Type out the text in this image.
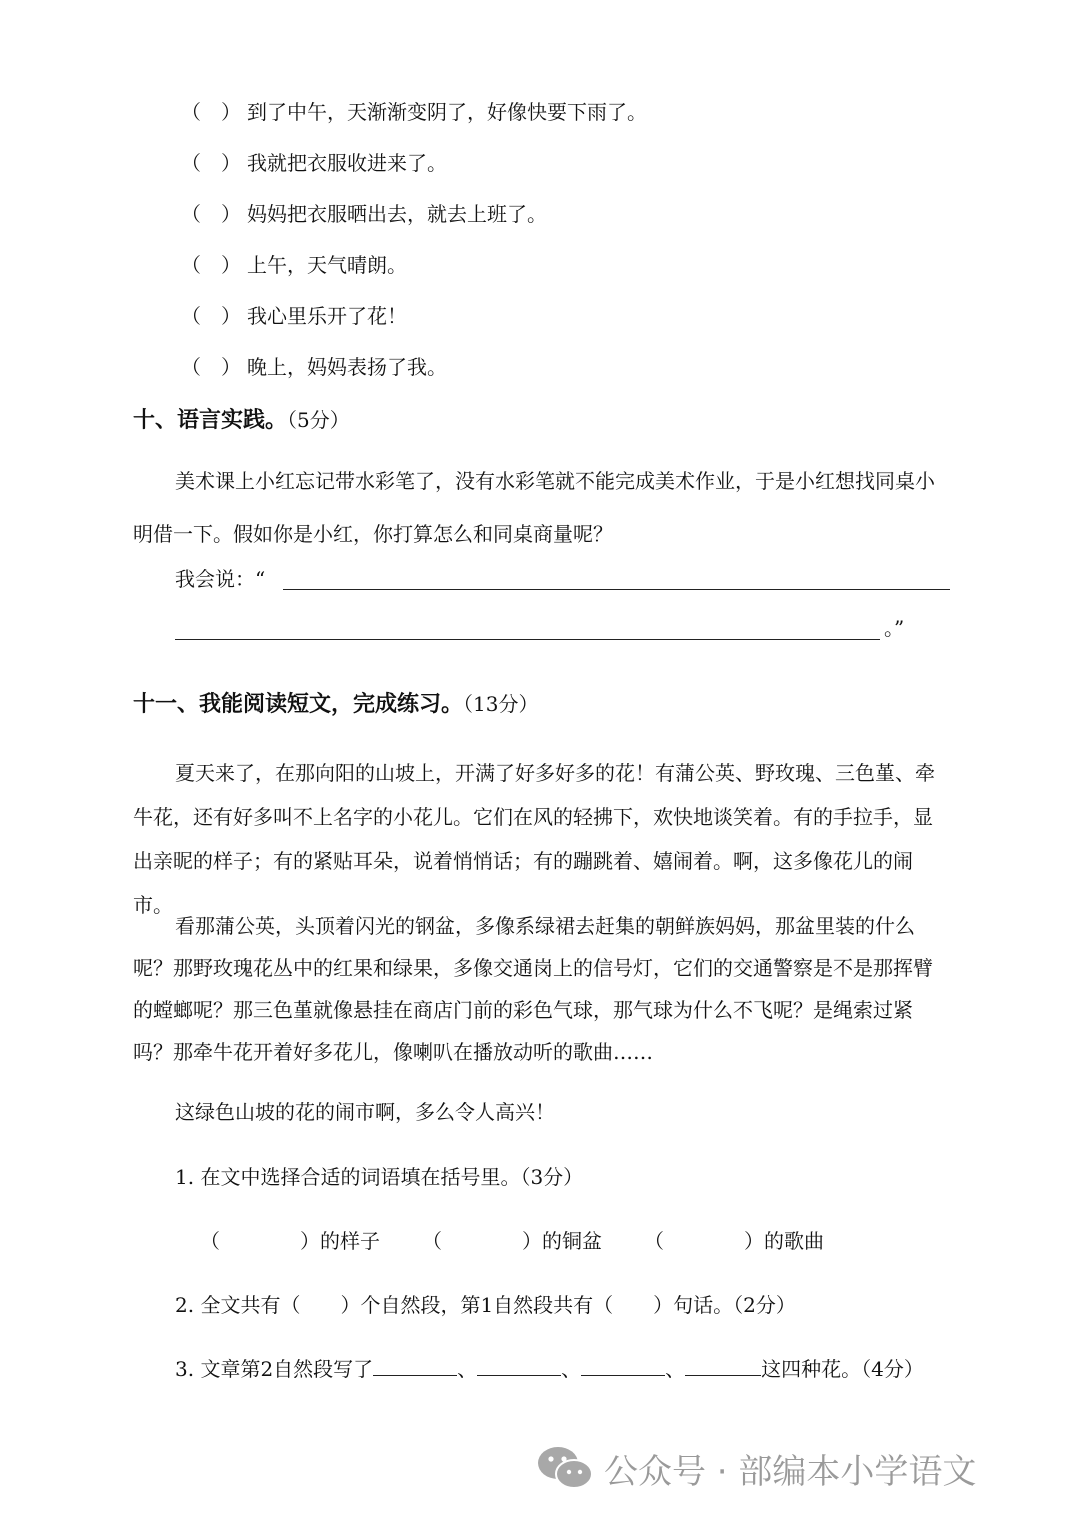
（　） 到了中午，天渐渐变阴了，好像快要下雨了。
（　） 我就把衣服收进来了。
（　） 妈妈把衣服晒出去，就去上班了。
（　） 上午，天气晴朗。
（　） 我心里乐开了花！
（　） 晚上，妈妈表扬了我。
十、语言实践。（5分）
美术课上小红忘记带水彩笔了，没有水彩笔就不能完成美术作业，于是小红想找同桌小明借一下。假如你是小红，你打算怎么和同桌商量呢？
我会说：“
。”
十一、我能阅读短文，完成练习。（13分）
夏天来了，在那向阳的山坡上，开满了好多好多的花！有蒲公英、野玫瑰、三色堇、牵牛花，还有好多叫不上名字的小花儿。它们在风的轻拂下，欢快地谈笑着。有的手拉手，显出亲昵的样子；有的紧贴耳朵，说着悄悄话；有的蹦跳着、嬉闹着。啊，这多像花儿的闹市。
看那蒲公英，头顶着闪光的钢盆，多像系绿裙去赶集的朝鲜族妈妈，那盆里装的什么呢？那野玫瑰花丛中的红果和绿果，多像交通岗上的信号灯，它们的交通警察是不是那挥臂的螳螂呢？那三色堇就像悬挂在商店门前的彩色气球，那气球为什么不飞呢？是绳索过紧吗？那牵牛花开着好多花儿，像喇叭在播放动听的歌曲……
这绿色山坡的花的闹市啊，多么令人高兴！
1. 在文中选择合适的词语填在括号里。（3分）
（　　　　）的样子 （　　　　）的铜盆 （　　　　）的歌曲
2. 全文共有（　　）个自然段，第1自然段共有（　　）句话。（2分）
3. 文章第2自然段写了	、	、	、	这四种花。（4分）
公众号 · 部编本小学语文
